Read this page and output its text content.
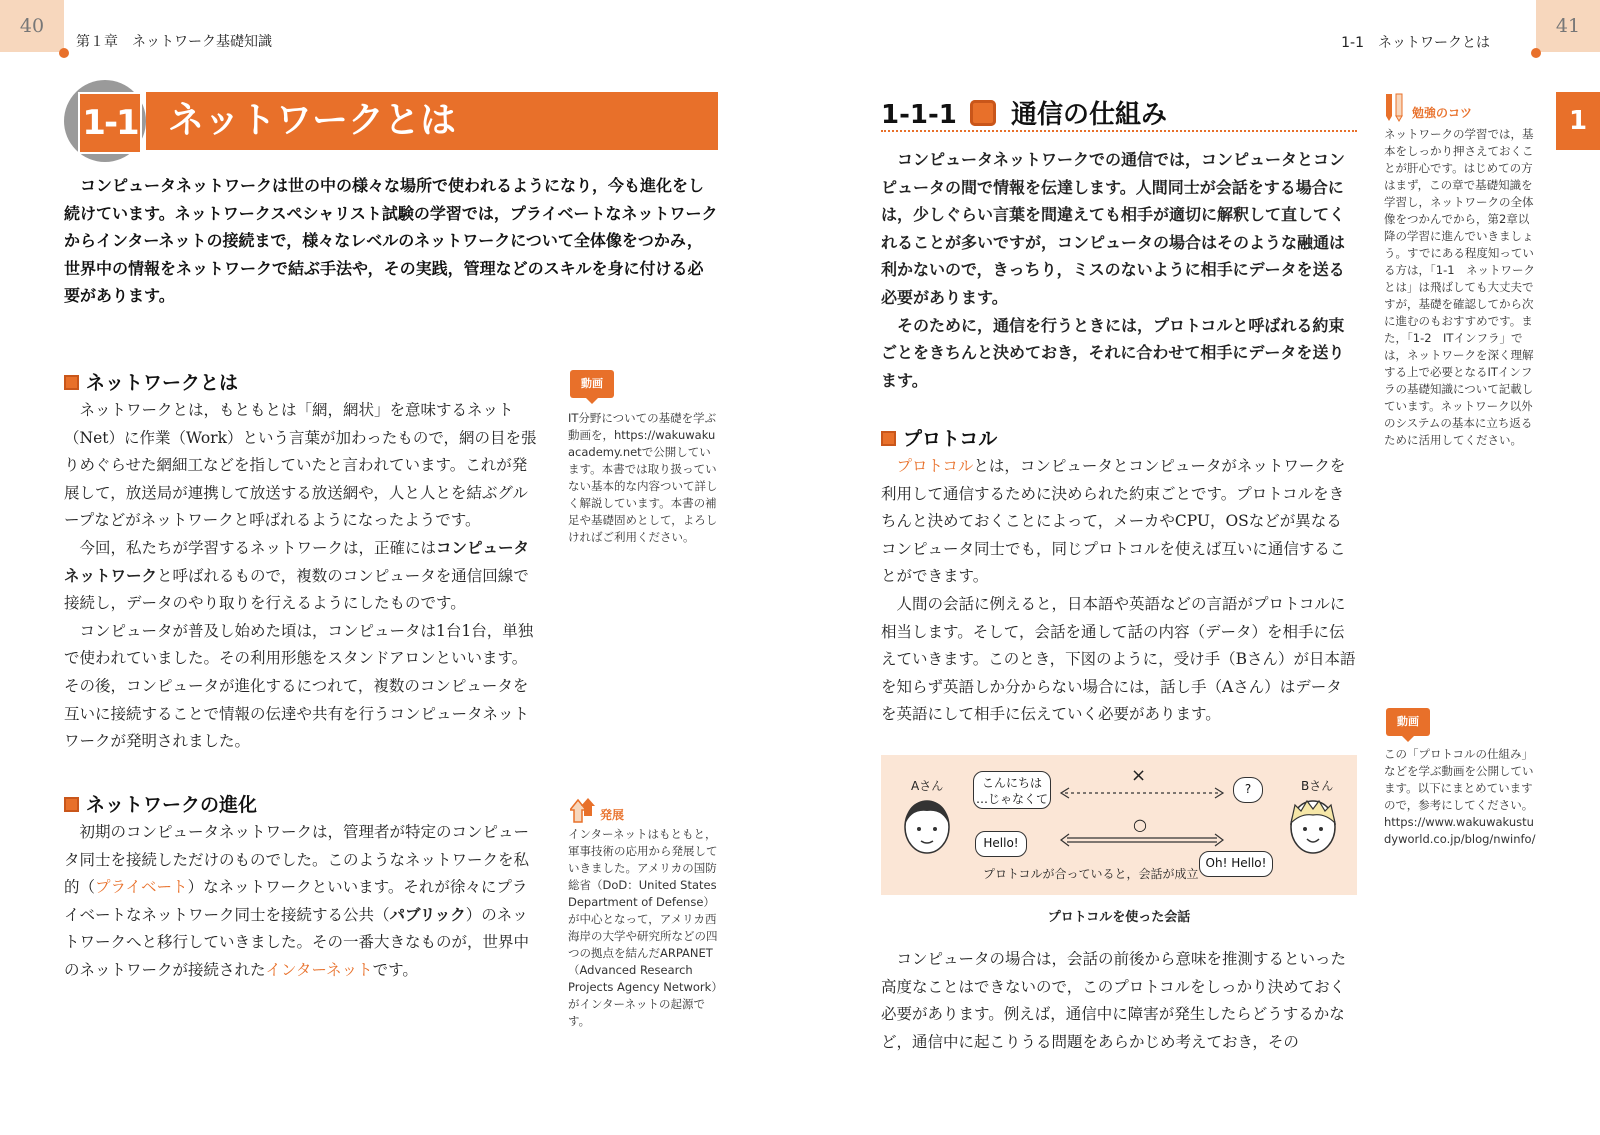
40
第１章　ネットワーク基礎知識
1-1 ネットワークとは

コンピュータネットワークは世の中の様々な場所で使われるようになり，今も進化をし続けています。ネットワークスペシャリスト試験の学習では，プライベートなネットワークからインターネットの接続まで，様々なレベルのネットワークについて全体像をつかみ，世界中の情報をネットワークで結ぶ手法や，その実践，管理などのスキルを身に付ける必要があります。

ネットワークとは

ネットワークとは，もともとは「網，網状」を意味するネット（Net）に作業（Work）という言葉が加わったもので，網の目を張りめぐらせた網細工などを指していたと言われています。これが発展して，放送局が連携して放送する放送網や，人と人とを結ぶグループなどがネットワークと呼ばれるようになったようです。

今回，私たちが学習するネットワークは，正確にはコンピュータネットワークと呼ばれるもので，複数のコンピュータを通信回線で接続し，データのやり取りを行えるようにしたものです。

コンピュータが普及し始めた頃は，コンピュータは1台1台，単独で使われていました。その利用形態をスタンドアロンといいます。その後，コンピュータが進化するにつれて，複数のコンピュータを互いに接続することで情報の伝達や共有を行うコンピュータネットワークが発明されました。

動画

IT分野についての基礎を学ぶ動画を，https://wakuwakuacademy.netで公開しています。本書では取り扱っていない基本的な内容ついて詳しく解説しています。本書の補足や基礎固めとして，よろしければご利用ください。

ネットワークの進化

初期のコンピュータネットワークは，管理者が特定のコンピュータ同士を接続しただけのものでした。このようなネットワークを私的（プライベート）なネットワークといいます。それが徐々にプライベートなネットワーク同士を接続する公共（パブリック）のネットワークへと移行していきました。その一番大きなものが，世界中のネットワークが接続されたインターネットです。

発展

インターネットはもともと，軍事技術の応用から発展していきました。アメリカの国防総省（DoD：United States Department of Defense）が中心となって，アメリカ西海岸の大学や研究所などの四つの拠点を結んだARPANET（Advanced Research Projects Agency Network）がインターネットの起源です。

1-1　ネットワークとは
41
1
1-1-1 通信の仕組み

コンピュータネットワークでの通信では，コンピュータとコンピュータの間で情報を伝達します。人間同士が会話をする場合には，少しぐらい言葉を間違えても相手が適切に解釈して直してくれることが多いですが，コンピュータの場合はそのような融通は利かないので，きっちり，ミスのないように相手にデータを送る必要があります。

そのために，通信を行うときには，プロトコルと呼ばれる約束ごとをきちんと決めておき，それに合わせて相手にデータを送ります。

プロトコル

プロトコルとは，コンピュータとコンピュータがネットワークを利用して通信するために決められた約束ごとです。プロトコルをきちんと決めておくことによって，メーカやCPU，OSなどが異なるコンピュータ同士でも，同じプロトコルを使えば互いに通信することができます。

人間の会話に例えると，日本語や英語などの言語がプロトコルに相当します。そして，会話を通して話の内容（データ）を相手に伝えていきます。このとき，下図のように，受け手（Bさん）が日本語を知らず英語しか分からない場合には，話し手（Aさん）はデータを英語にして相手に伝えていく必要があります。

Aさん	Bさん
こんにちは
…じゃなくて
?
Hello!
Oh! Hello!
×
○
プロトコルが合っていると，会話が成立
プロトコルを使った会話

コンピュータの場合は，会話の前後から意味を推測するといった高度なことはできないので，このプロトコルをしっかり決めておく必要があります。例えば，通信中に障害が発生したらどうするかなど，通信中に起こりうる問題をあらかじめ考えておき，その

勉強のコツ

ネットワークの学習では，基本をしっかり押さえておくことが肝心です。はじめての方はまず，この章で基礎知識を学習し，ネットワークの全体像をつかんでから，第2章以降の学習に進んでいきましょう。すでにある程度知っている方は，「1-1　ネットワークとは」は飛ばしても大丈夫ですが，基礎を確認してから次に進むのもおすすめです。また，「1-2　ITインフラ」では，ネットワークを深く理解する上で必要となるITインフラの基礎知識について記載しています。ネットワーク以外のシステムの基本に立ち返るために活用してください。

動画

この「プロトコルの仕組み」などを学ぶ動画を公開しています。以下にまとめていますので，参考にしてください。https://www.wakuwakustudyworld.co.jp/blog/nwinfo/
